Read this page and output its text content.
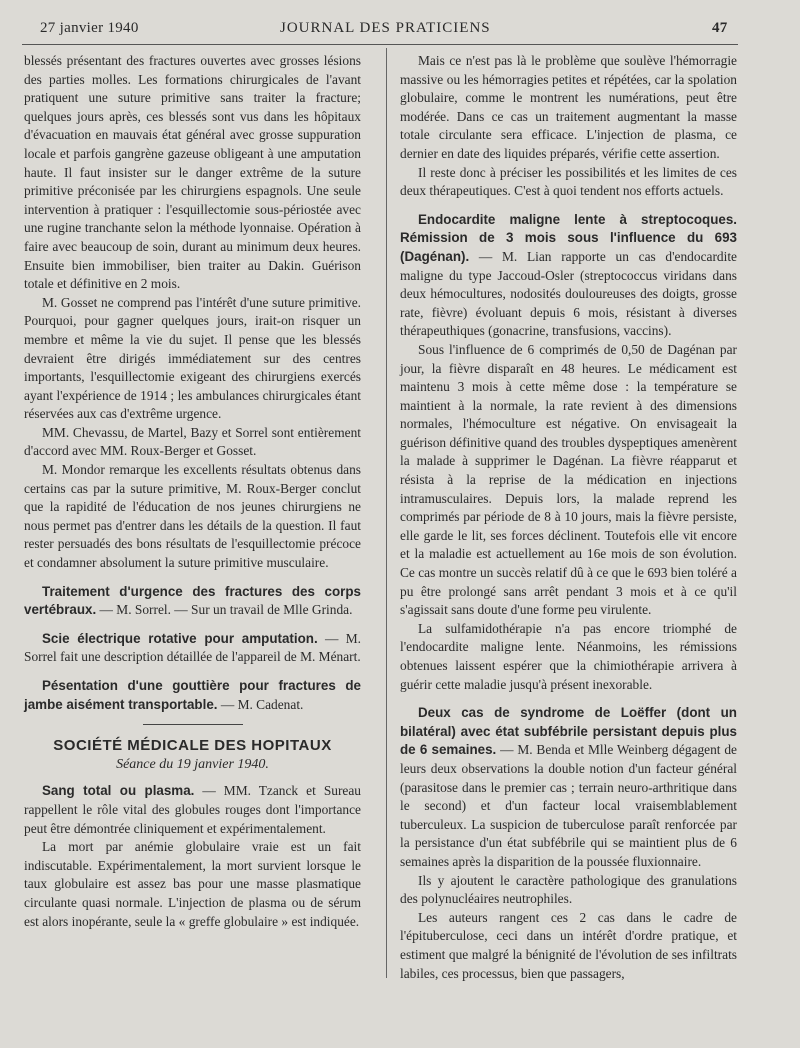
27 janvier 1940	JOURNAL DES PRATICIENS	47

blessés présentant des fractures ouvertes avec grosses lésions des parties molles. Les formations chirurgicales de l'avant pratiquent une suture primitive sans traiter la fracture; quelques jours après, ces blessés sont vus dans les hôpitaux d'évacuation en mauvais état général avec grosse suppuration locale et parfois gangrène gazeuse obligeant à une amputation haute. Il faut insister sur le danger extrême de la suture primitive préconisée par les chirurgiens espagnols. Une seule intervention à pratiquer : l'esquillectomie sous-périostée avec une rugine tranchante selon la méthode lyonnaise. Opération à faire avec beaucoup de soin, durant au minimum deux heures. Ensuite bien immobiliser, bien traiter au Dakin. Guérison totale et définitive en 2 mois.

M. Gosset ne comprend pas l'intérêt d'une suture primitive. Pourquoi, pour gagner quelques jours, irait-on risquer un membre et même la vie du sujet. Il pense que les blessés devraient être dirigés immédiatement sur des centres importants, l'esquillectomie exigeant des chirurgiens exercés ayant l'expérience de 1914 ; les ambulances chirurgicales étant réservées aux cas d'extrême urgence.

MM. Chevassu, de Martel, Bazy et Sorrel sont entièrement d'accord avec MM. Roux-Berger et Gosset.

M. Mondor remarque les excellents résultats obtenus dans certains cas par la suture primitive, M. Roux-Berger conclut que la rapidité de l'éducation de nos jeunes chirurgiens ne nous permet pas d'entrer dans les détails de la question. Il faut rester persuadés des bons résultats de l'esquillectomie précoce et condamner absolument la suture primitive musculaire.

Traitement d'urgence des fractures des corps vertébraux. — M. Sorrel. — Sur un travail de Mlle Grinda.

Scie électrique rotative pour amputation. — M. Sorrel fait une description détaillée de l'appareil de M. Ménart.

Pésentation d'une gouttière pour fractures de jambe aisément transportable. — M. Cadenat.

SOCIÉTÉ MÉDICALE DES HOPITAUX
Séance du 19 janvier 1940.

Sang total ou plasma. — MM. Tzanck et Sureau rappellent le rôle vital des globules rouges dont l'importance peut être démontrée cliniquement et expérimentalement.

La mort par anémie globulaire vraie est un fait indiscutable. Expérimentalement, la mort survient lorsque le taux globulaire est assez bas pour une masse plasmatique circulante quasi normale. L'injection de plasma ou de sérum est alors inopérante, seule la « greffe globulaire » est indiquée.

Mais ce n'est pas là le problème que soulève l'hémorragie massive ou les hémorragies petites et répétées, car la spolation globulaire, comme le montrent les numérations, peut être modérée. Dans ce cas un traitement augmentant la masse totale circulante sera efficace. L'injection de plasma, ce dernier en date des liquides préparés, vérifie cette assertion.

Il reste donc à préciser les possibilités et les limites de ces deux thérapeutiques. C'est à quoi tendent nos efforts actuels.

Endocardite maligne lente à streptocoques. Rémission de 3 mois sous l'influence du 693 (Dagénan). — M. Lian rapporte un cas d'endocardite maligne du type Jaccoud-Osler (streptococcus viridans dans deux hémocultures, nodosités douloureuses des doigts, grosse rate, fièvre) évoluant depuis 6 mois, résistant à diverses thérapeuthiques (gonacrine, transfusions, vaccins).

Sous l'influence de 6 comprimés de 0,50 de Dagénan par jour, la fièvre disparaît en 48 heures. Le médicament est maintenu 3 mois à cette même dose : la température se maintient à la normale, la rate revient à des dimensions normales, l'hémoculture est négative. On envisageait la guérison définitive quand des troubles dyspeptiques amenèrent la malade à supprimer le Dagénan. La fièvre réapparut et résista à la reprise de la médication en injections intramusculaires. Depuis lors, la malade reprend les comprimés par période de 8 à 10 jours, mais la fièvre persiste, elle garde le lit, ses forces déclinent. Toutefois elle vit encore et la maladie est actuellement au 16e mois de son évolution. Ce cas montre un succès relatif dû à ce que le 693 bien toléré a pu être prolongé sans arrêt pendant 3 mois et à ce qu'il s'agissait sans doute d'une forme peu virulente.

La sulfamidothérapie n'a pas encore triomphé de l'endocardite maligne lente. Néanmoins, les rémissions obtenues laissent espérer que la chimiothérapie arrivera à guérir cette maladie jusqu'à présent inexorable.

Deux cas de syndrome de Loëffer (dont un bilatéral) avec état subfébrile persistant depuis plus de 6 semaines. — M. Benda et Mlle Weinberg dégagent de leurs deux observations la double notion d'un facteur général (parasitose dans le premier cas ; terrain neuro-arthritique dans le second) et d'un facteur local vraisemblablement tuberculeux. La suspicion de tuberculose paraît renforcée par la persistance d'un état subfébrile qui se maintient plus de 6 semaines après la disparition de la poussée fluxionnaire.

Ils y ajoutent le caractère pathologique des granulations des polynucléaires neutrophiles.

Les auteurs rangent ces 2 cas dans le cadre de l'épituberculose, ceci dans un intérêt d'ordre pratique, et estiment que malgré la bénignité de l'évolution de ses infiltrats labiles, ces processus, bien que passagers,
